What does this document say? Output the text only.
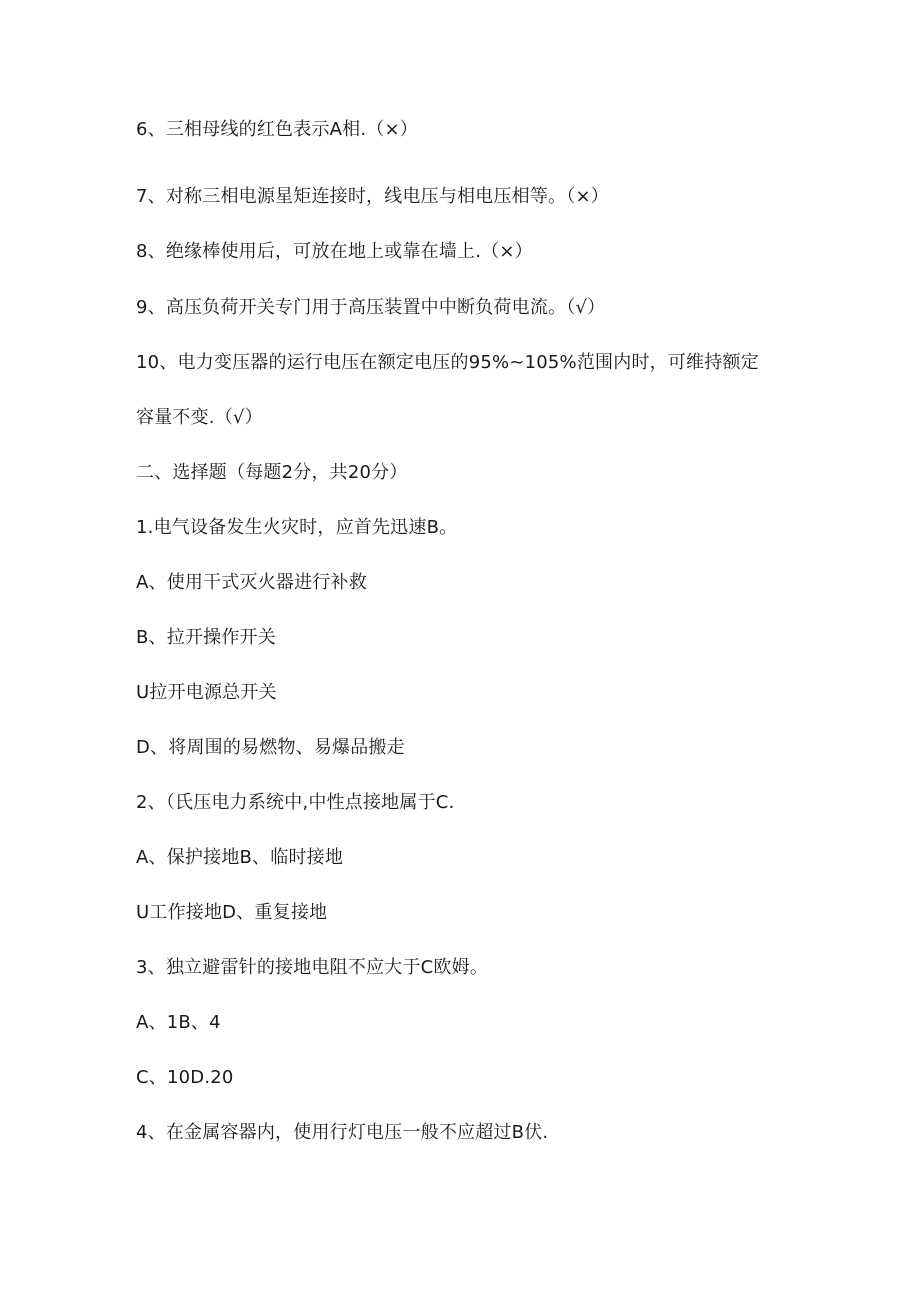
6、三相母线的红色表示A相.（×）
7、对称三相电源星矩连接时，线电压与相电压相等。（×）
8、绝缘棒使用后，可放在地上或靠在墙上.（×）
9、高压负荷开关专门用于高压装置中中断负荷电流。（√）
10、电力变压器的运行电压在额定电压的95%~105%范围内时，可维持额定
容量不变.（√）
二、选择题（每题2分，共20分）
1.电气设备发生火灾时，应首先迅速B。
A、使用干式灭火器进行补救
B、拉开操作开关
U拉开电源总开关
D、将周围的易燃物、易爆品搬走
2、（氏压电力系统中,中性点接地属于C.
A、保护接地B、临时接地
U工作接地D、重复接地
3、独立避雷针的接地电阻不应大于C欧姆。
A、1B、4
C、10D.20
4、在金属容器内，使用行灯电压一般不应超过B伏.
